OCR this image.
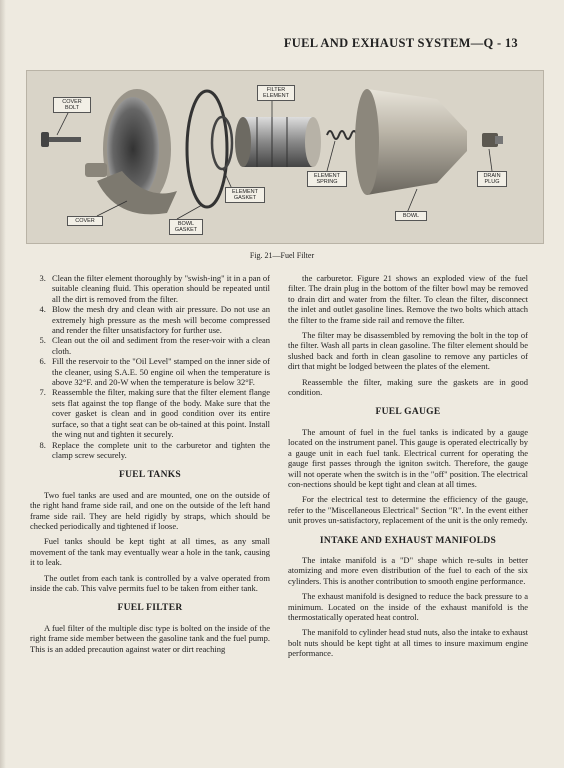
FUEL AND EXHAUST SYSTEM—Q - 13
COVER BOLT
FILTER ELEMENT
COVER	BOWL GASKET
ELEMENT GASKET
ELEMENT SPRING
BOWL
DRAIN PLUG
Fig. 21—Fuel Filter
3. Clean the filter element thoroughly by "swish-ing" it in a pan of suitable cleaning fluid. This operation should be repeated until all the dirt is removed from the filter.
4. Blow the mesh dry and clean with air pressure. Do not use an extremely high pressure as the mesh will become compressed and render the filter unsatisfactory for further use.
5. Clean out the oil and sediment from the reser-voir with a clean cloth.
6. Fill the reservoir to the "Oil Level" stamped on the inner side of the cleaner, using S.A.E. 50 engine oil when the temperature is above 32°F. and 20-W when the temperature is below 32°F.
7. Reassemble the filter, making sure that the filter element flange sets flat against the top flange of the body. Make sure that the cover gasket is clean and in good condition over its entire surface, so that a tight seat can be ob-tained at this point. Install the wing nut and tighten it securely.
8. Replace the complete unit to the carburetor and tighten the clamp screw securely.
FUEL TANKS

Two fuel tanks are used and are mounted, one on the outside of the right hand frame side rail, and one on the outside of the left hand frame side rail. They are held rigidly by straps, which should be checked periodically and tightened if loose.

Fuel tanks should be kept tight at all times, as any small movement of the tank may eventually wear a hole in the tank, causing it to leak.

The outlet from each tank is controlled by a valve operated from inside the cab. This valve permits fuel to be taken from either tank.

FUEL FILTER

A fuel filter of the multiple disc type is bolted on the inside of the right frame side member between the gasoline tank and the fuel pump. This is an added precaution against water or dirt reaching

the carburetor. Figure 21 shows an exploded view of the fuel filter. The drain plug in the bottom of the filter bowl may be removed to drain dirt and water from the filter. To clean the filter, disconnect the inlet and outlet gasoline lines. Remove the two bolts which attach the filter to the frame side rail and remove the filter.

The filter may be disassembled by removing the bolt in the top of the filter. Wash all parts in clean gasoline. The filter element should be slushed back and forth in clean gasoline to remove any particles of dirt that might be lodged between the plates of the element.

Reassemble the filter, making sure the gaskets are in good condition.

FUEL GAUGE

The amount of fuel in the fuel tanks is indicated by a gauge located on the instrument panel. This gauge is operated electrically by a gauge unit in each fuel tank. Electrical current for operating the gauge first passes through the igniton switch. Therefore, the gauge will not operate when the switch is in the "off" position. The electrical con-nections should be kept tight and clean at all times.

For the electrical test to determine the efficiency of the gauge, refer to the "Miscellaneous Electrical" Section "R". In the event either unit proves un-satisfactory, replacement of the unit is the only remedy.

INTAKE AND EXHAUST MANIFOLDS

The intake manifold is a "D" shape which re-sults in better atomizing and more even distribution of the fuel to each of the six cylinders. This is another contribution to smooth engine performance.

The exhaust manifold is designed to reduce the back pressure to a minimum. Located on the inside of the exhaust manifold is the thermostatically operated heat control.

The manifold to cylinder head stud nuts, also the intake to exhaust bolt nuts should be kept tight at all times to insure maximum engine performance.
